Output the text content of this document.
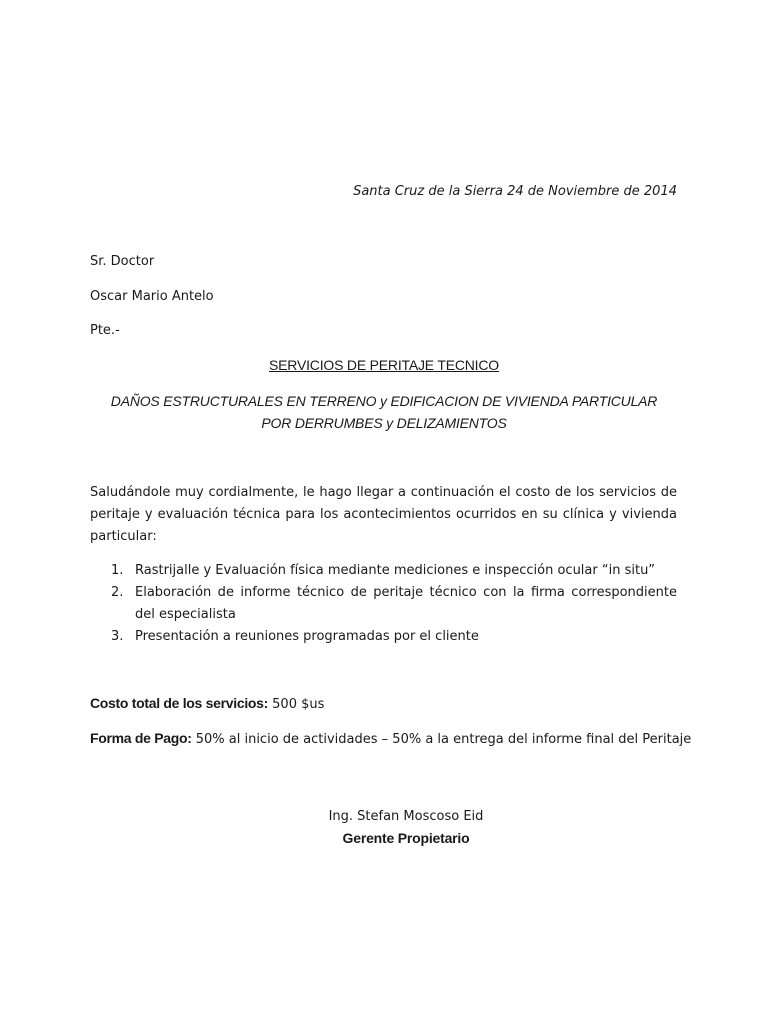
Santa Cruz de la Sierra 24 de Noviembre de 2014
Sr. Doctor
Oscar Mario Antelo
Pte.-
SERVICIOS DE PERITAJE TECNICO
DAÑOS ESTRUCTURALES EN TERRENO y EDIFICACION DE VIVIENDA PARTICULAR POR DERRUMBES y DELIZAMIENTOS
Saludándole muy cordialmente, le hago llegar a continuación el costo de los servicios de peritaje y evaluación técnica para los acontecimientos ocurridos en su clínica y vivienda particular:
1. Rastrijalle y Evaluación física mediante mediciones e inspección ocular “in situ”
2. Elaboración de informe técnico de peritaje técnico con la firma correspondiente del especialista
3. Presentación a reuniones programadas por el cliente
Costo total de los servicios: 500 $us
Forma de Pago: 50% al inicio de actividades – 50% a la entrega del informe final del Peritaje
Ing. Stefan Moscoso Eid
Gerente Propietario
